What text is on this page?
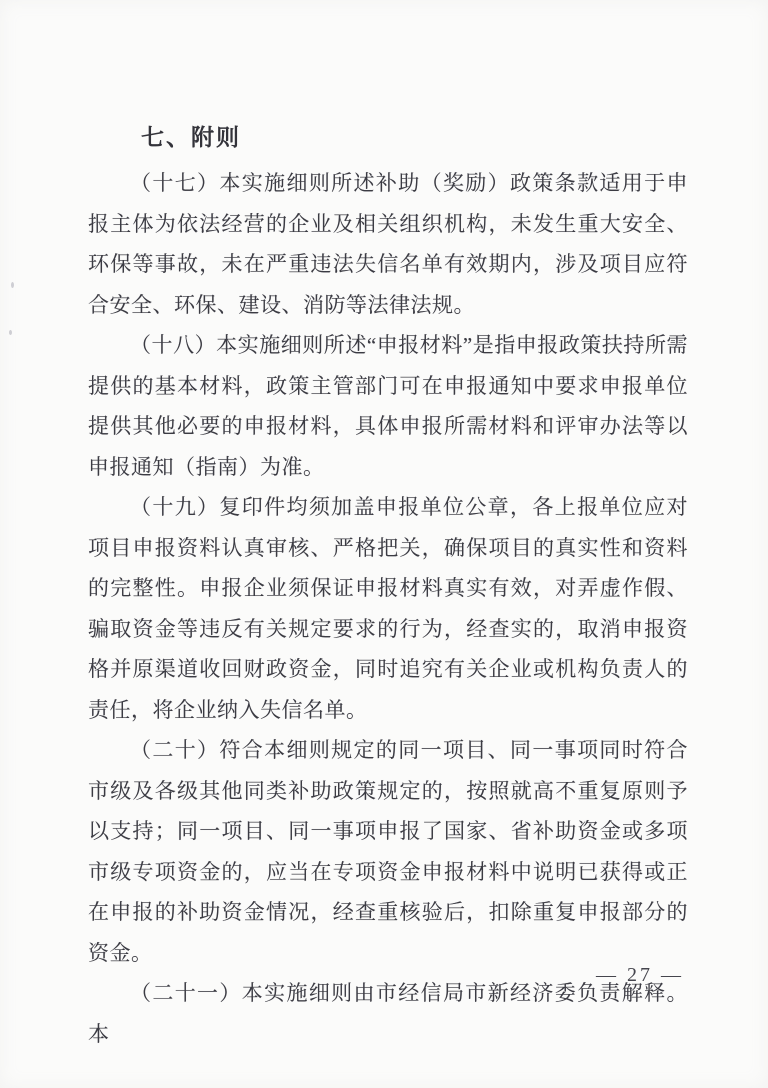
七、附则

（十七）本实施细则所述补助（奖励）政策条款适用于申报主体为依法经营的企业及相关组织机构，未发生重大安全、环保等事故，未在严重违法失信名单有效期内，涉及项目应符合安全、环保、建设、消防等法律法规。

（十八）本实施细则所述“申报材料”是指申报政策扶持所需提供的基本材料，政策主管部门可在申报通知中要求申报单位提供其他必要的申报材料，具体申报所需材料和评审办法等以申报通知（指南）为准。

（十九）复印件均须加盖申报单位公章，各上报单位应对项目申报资料认真审核、严格把关，确保项目的真实性和资料的完整性。申报企业须保证申报材料真实有效，对弄虚作假、骗取资金等违反有关规定要求的行为，经查实的，取消申报资格并原渠道收回财政资金，同时追究有关企业或机构负责人的责任，将企业纳入失信名单。

（二十）符合本细则规定的同一项目、同一事项同时符合市级及各级其他同类补助政策规定的，按照就高不重复原则予以支持；同一项目、同一事项申报了国家、省补助资金或多项市级专项资金的，应当在专项资金申报材料中说明已获得或正在申报的补助资金情况，经查重核验后，扣除重复申报部分的资金。

（二十一）本实施细则由市经信局市新经济委负责解释。本

— 27 —
